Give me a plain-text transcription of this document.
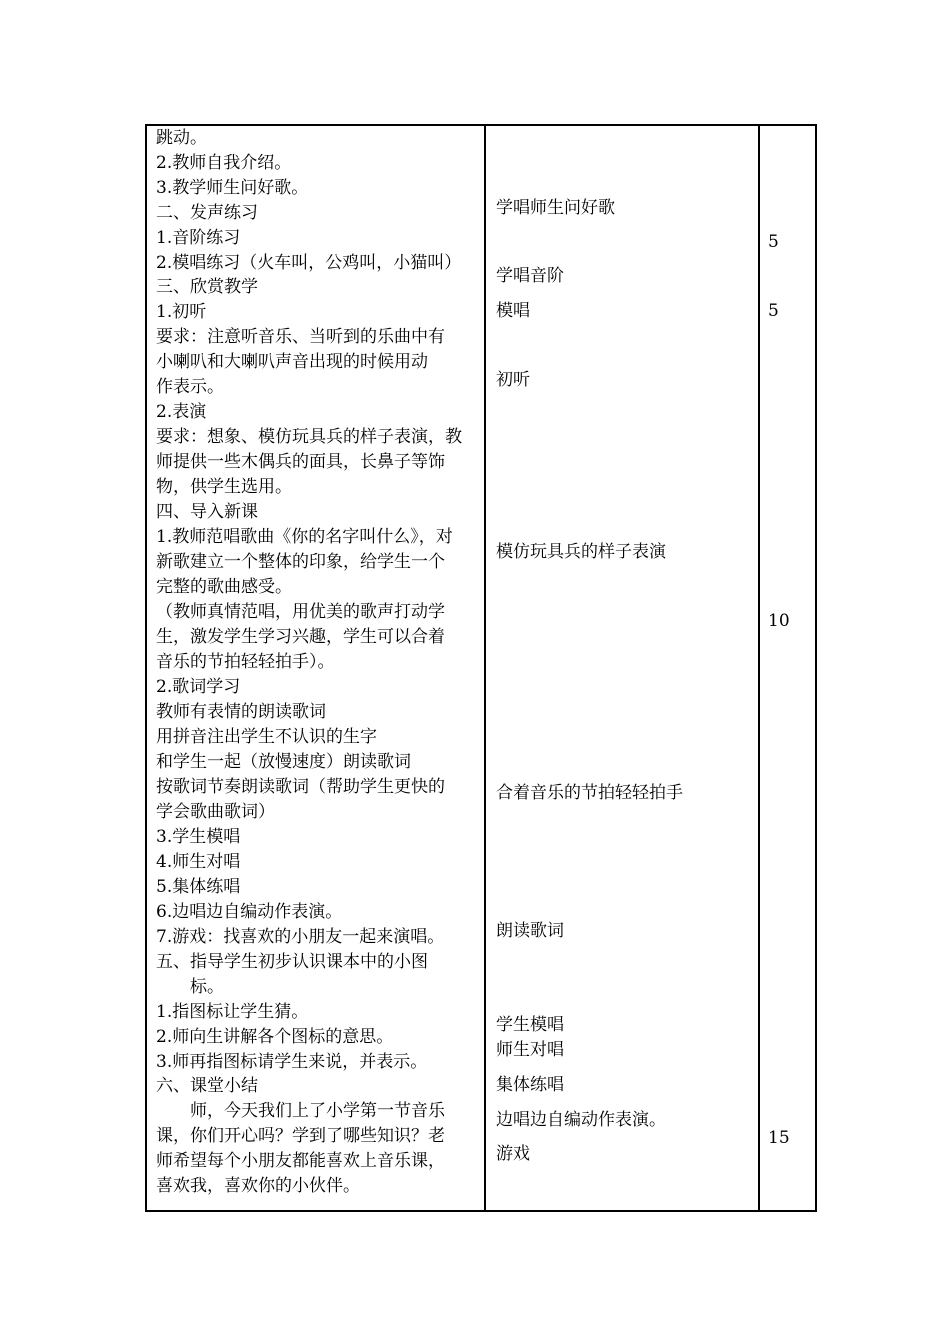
跳动。
2.教师自我介绍。
3.教学师生问好歌。
二、发声练习
1.音阶练习
2.模唱练习（火车叫，公鸡叫，小猫叫）
三、欣赏教学
1.初听
要求：注意听音乐、当听到的乐曲中有
小喇叭和大喇叭声音出现的时候用动
作表示。
2.表演
要求：想象、模仿玩具兵的样子表演，教
师提供一些木偶兵的面具，长鼻子等饰
物，供学生选用。
四、导入新课
1.教师范唱歌曲《你的名字叫什么》，对
新歌建立一个整体的印象，给学生一个
完整的歌曲感受。
（教师真情范唱，用优美的歌声打动学
生，激发学生学习兴趣，学生可以合着
音乐的节拍轻轻拍手）。
2.歌词学习
教师有表情的朗读歌词
用拼音注出学生不认识的生字
和学生一起（放慢速度）朗读歌词
按歌词节奏朗读歌词（帮助学生更快的
学会歌曲歌词）
3.学生模唱
4.师生对唱
5.集体练唱
6.边唱边自编动作表演。
7.游戏：找喜欢的小朋友一起来演唱。
五、指导学生初步认识课本中的小图
　　标。
1.指图标让学生猜。
2.师向生讲解各个图标的意思。
3.师再指图标请学生来说，并表示。
六、课堂小结
　　师，今天我们上了小学第一节音乐
课，你们开心吗？学到了哪些知识？老
师希望每个小朋友都能喜欢上音乐课，
喜欢我，喜欢你的小伙伴。
学唱师生问好歌
学唱音阶
模唱
初听
模仿玩具兵的样子表演
合着音乐的节拍轻轻拍手
朗读歌词
学生模唱
师生对唱
集体练唱
边唱边自编动作表演。
游戏
5
5
10
15
